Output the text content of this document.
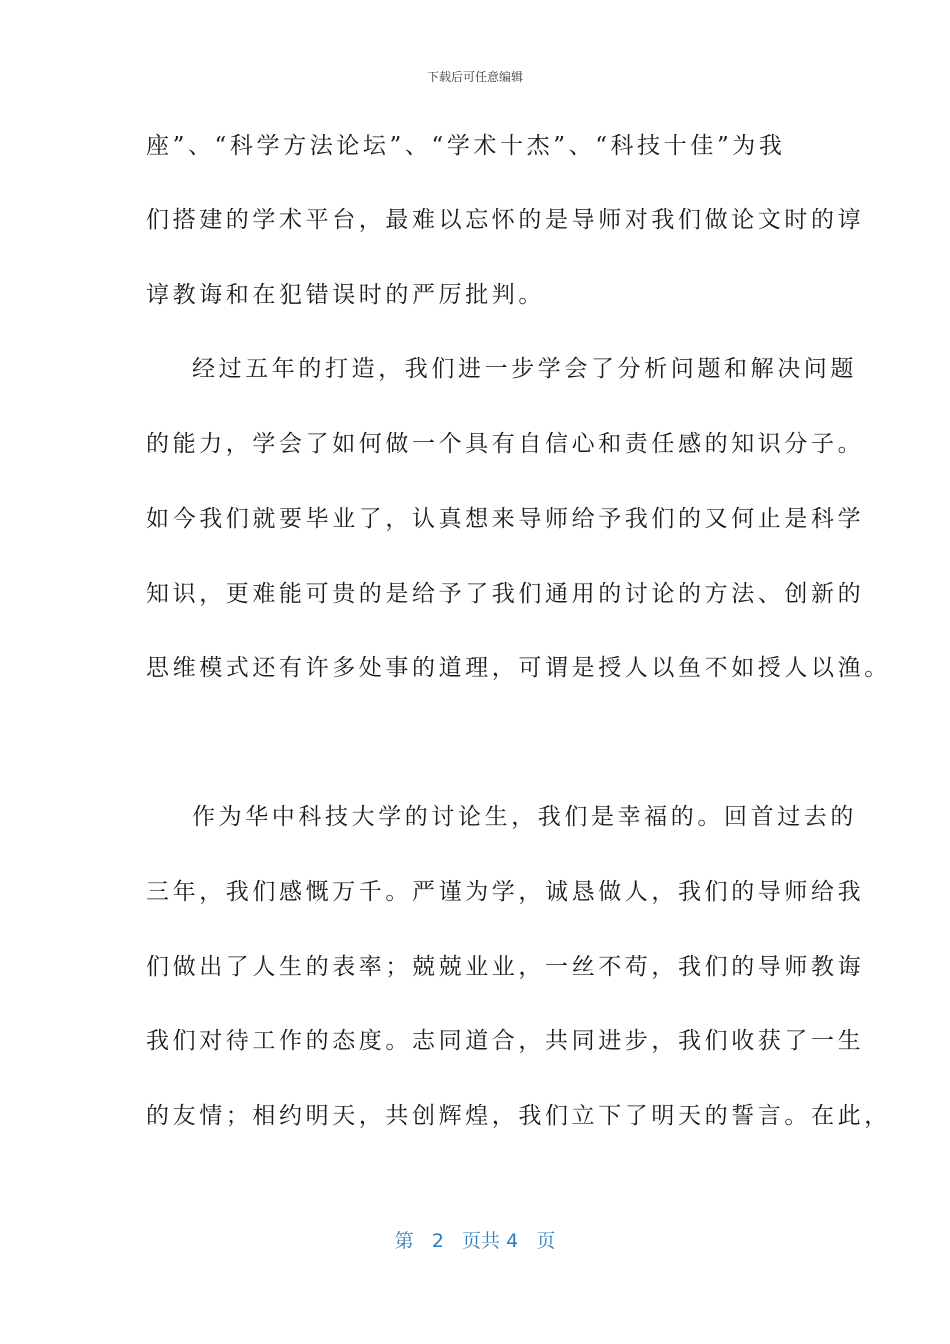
下载后可任意编辑
座”、“科学方法论坛”、“学术十杰”、“科技十佳”为我
们搭建的学术平台，最难以忘怀的是导师对我们做论文时的谆
谆教诲和在犯错误时的严厉批判。
经过五年的打造，我们进一步学会了分析问题和解决问题
的能力，学会了如何做一个具有自信心和责任感的知识分子。
如今我们就要毕业了，认真想来导师给予我们的又何止是科学
知识，更难能可贵的是给予了我们通用的讨论的方法、创新的
思维模式还有许多处事的道理，可谓是授人以鱼不如授人以渔。
作为华中科技大学的讨论生，我们是幸福的。回首过去的
三年，我们感慨万千。严谨为学，诚恳做人，我们的导师给我
们做出了人生的表率；兢兢业业，一丝不苟，我们的导师教诲
我们对待工作的态度。志同道合，共同进步，我们收获了一生
的友情；相约明天，共创辉煌，我们立下了明天的誓言。在此，
第 2 页共 4 页
